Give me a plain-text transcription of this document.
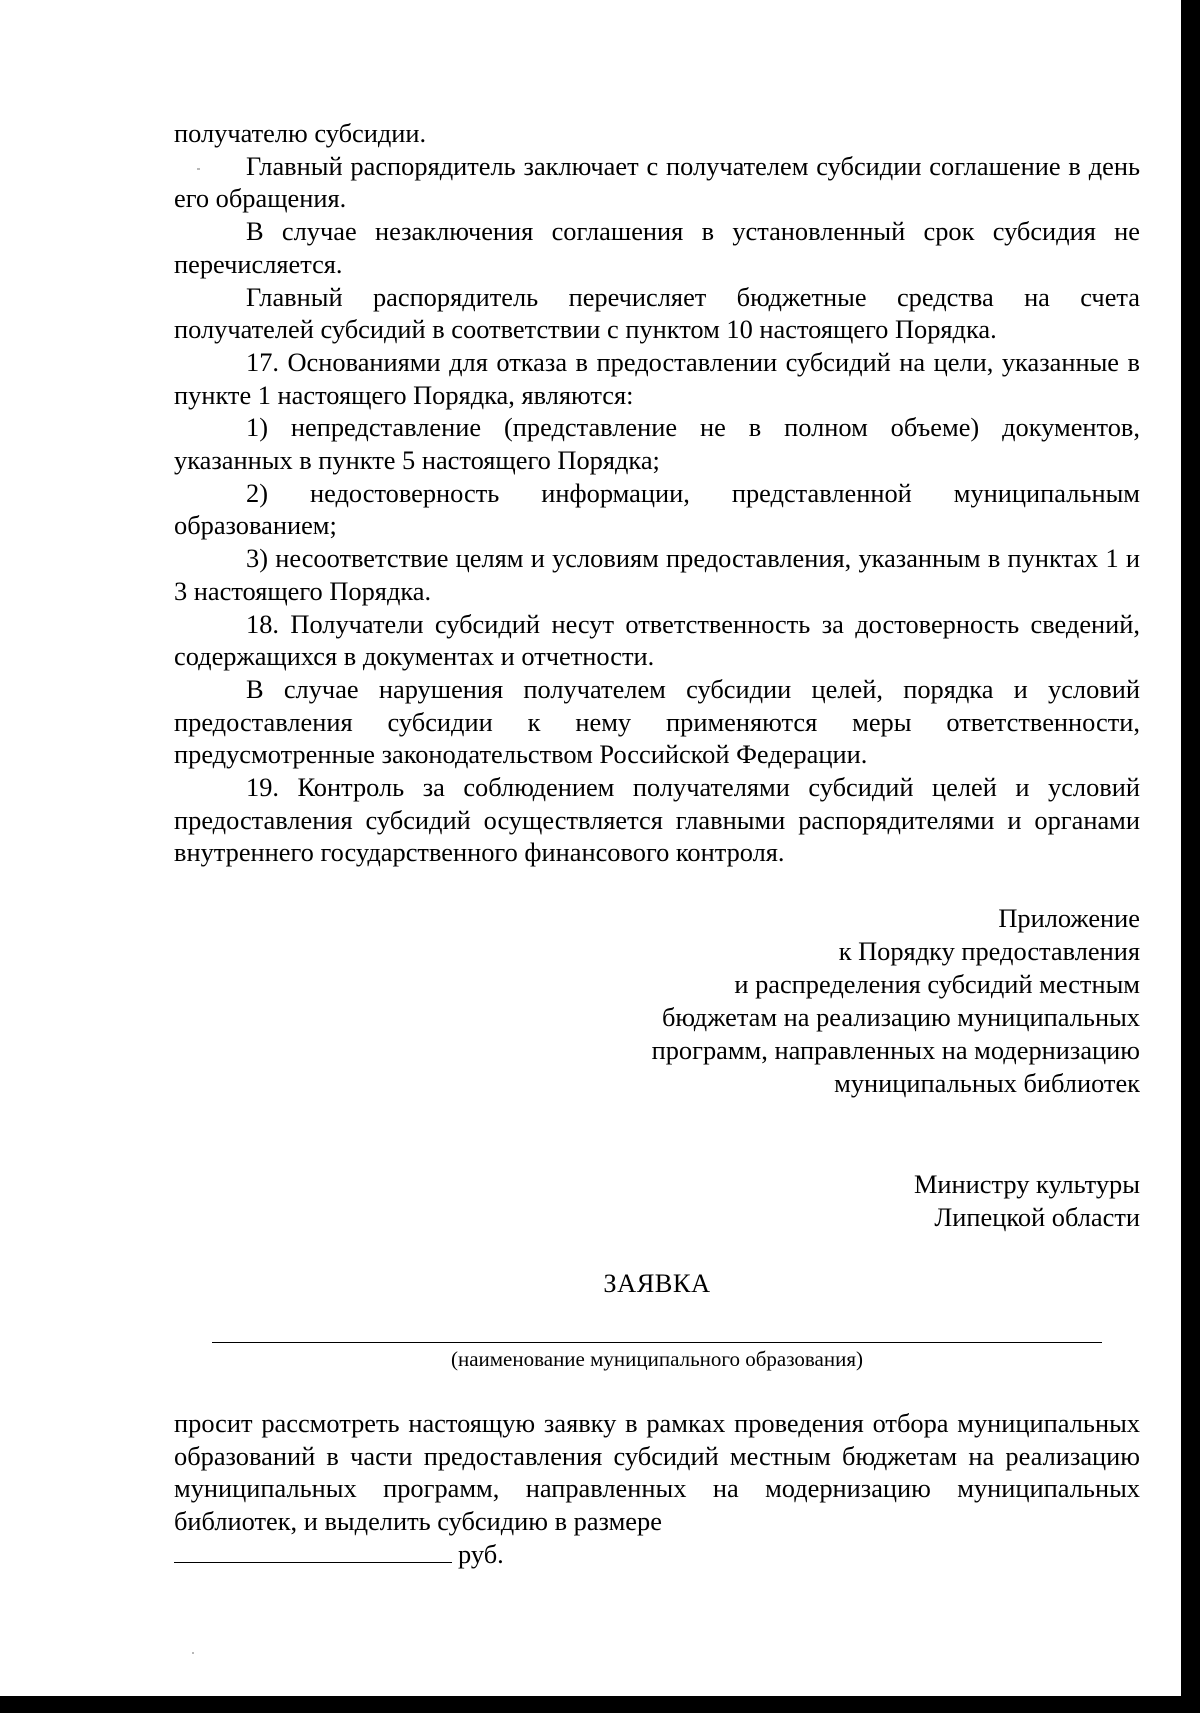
получателю субсидии.

Главный распорядитель заключает с получателем субсидии соглашение в день его обращения.

В случае незаключения соглашения в установленный срок субсидия не перечисляется.

Главный распорядитель перечисляет бюджетные средства на счета получателей субсидий в соответствии с пунктом 10 настоящего Порядка.

17. Основаниями для отказа в предоставлении субсидий на цели, указанные в пункте 1 настоящего Порядка, являются:

1) непредставление (представление не в полном объеме) документов, указанных в пункте 5 настоящего Порядка;

2) недостоверность информации, представленной муниципальным образованием;

3) несоответствие целям и условиям предоставления, указанным в пунктах 1 и 3 настоящего Порядка.

18. Получатели субсидий несут ответственность за достоверность сведений, содержащихся в документах и отчетности.

В случае нарушения получателем субсидии целей, порядка и условий предоставления субсидии к нему применяются меры ответственности, предусмотренные законодательством Российской Федерации.

19. Контроль за соблюдением получателями субсидий целей и условий предоставления субсидий осуществляется главными распорядителями и органами внутреннего государственного финансового контроля.

Приложение
к Порядку предоставления
и распределения субсидий местным
бюджетам на реализацию муниципальных
программ, направленных на модернизацию
муниципальных библиотек
Министру культуры
Липецкой области
ЗАЯВКА
(наименование муниципального образования)

просит рассмотреть настоящую заявку в рамках проведения отбора муниципальных образований в части предоставления субсидий местным бюджетам на реализацию муниципальных программ, направленных на модернизацию муниципальных библиотек, и выделить субсидию в размере
руб.
